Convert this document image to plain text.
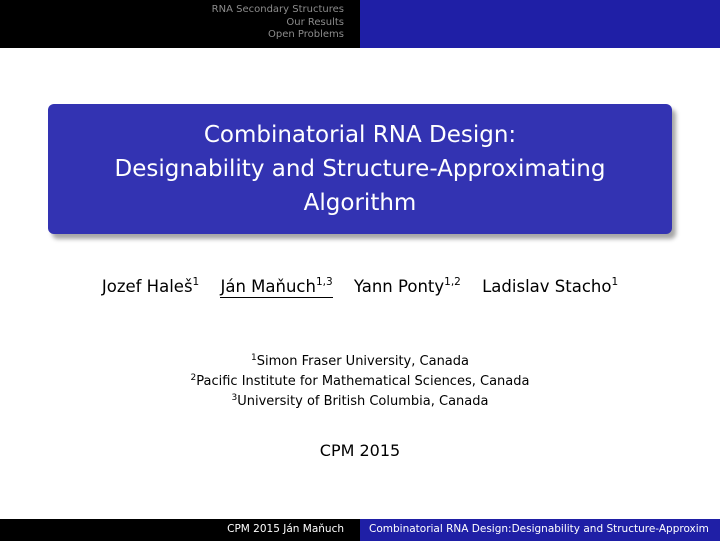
RNA Secondary Structures
Our Results
Open Problems
Combinatorial RNA Design:
Designability and Structure-Approximating
Algorithm
Jozef Haleš$^1$ Ján Maňuch$^{1,3}$ Yann Ponty$^{1,2}$ Ladislav Stacho$^1$
$^1$Simon Fraser University, Canada
$^2$Pacific Institute for Mathematical Sciences, Canada
$^3$University of British Columbia, Canada
CPM 2015
CPM 2015 Ján Maňuch Combinatorial RNA Design:Designability and Structure-Approxim
